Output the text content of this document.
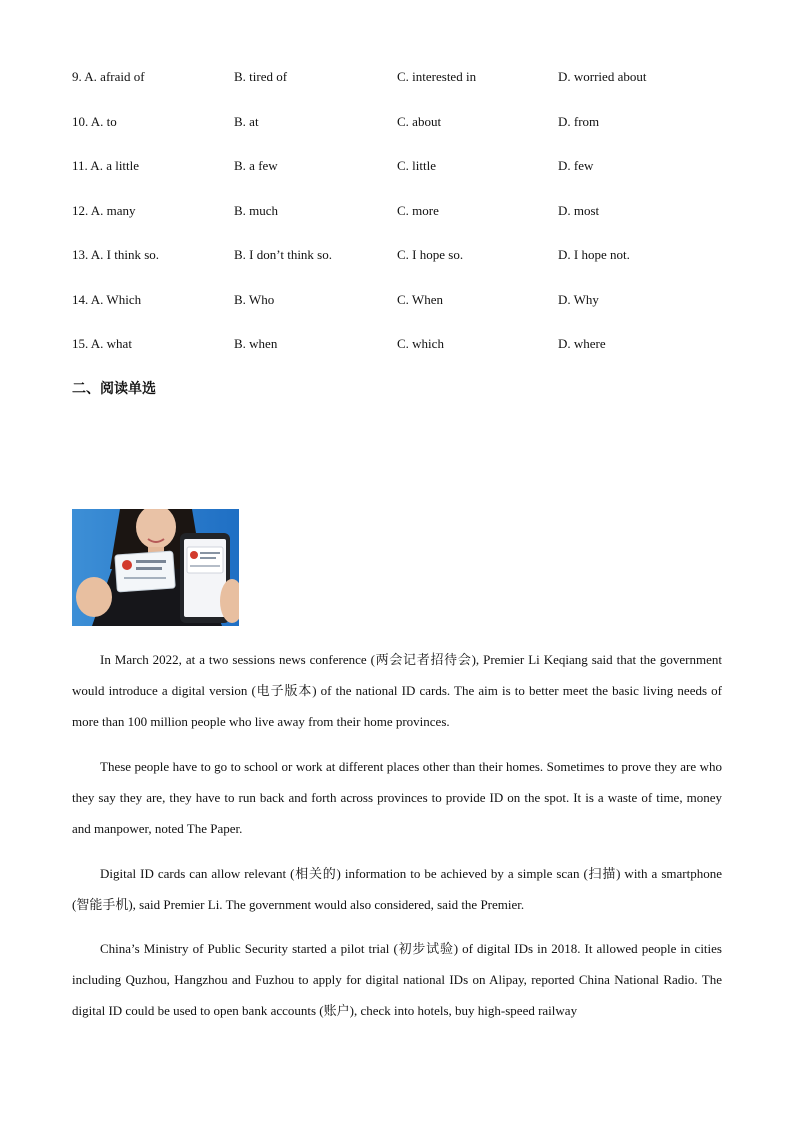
9. A. afraid of	B. tired of	C. interested in	D. worried about
10. A. to	B. at	C. about	D. from
11. A. a little	B. a few	C. little	D. few
12. A. many	B. much	C. more	D. most
13. A. I think so.	B. I don’t think so.	C. I hope so.	D. I hope not.
14. A. Which	B. Who	C. When	D. Why
15. A. what	B. when	C. which	D. where
二、阅读单选

In March 2022, at a two sessions news conference (两会记者招待会), Premier Li Keqiang said that the government would introduce a digital version (电子版本) of the national ID cards. The aim is to better meet the basic living needs of more than 100 million people who live away from their home provinces.

These people have to go to school or work at different places other than their homes. Sometimes to prove they are who they say they are, they have to run back and forth across provinces to provide ID on the spot. It is a waste of time, money and manpower, noted The Paper.

Digital ID cards can allow relevant (相关的) information to be achieved by a simple scan (扫描) with a smartphone (智能手机), said Premier Li. The government would also considered, said the Premier.

China’s Ministry of Public Security started a pilot trial (初步试验) of digital IDs in 2018. It allowed people in cities including Quzhou, Hangzhou and Fuzhou to apply for digital national IDs on Alipay, reported China National Radio. The digital ID could be used to open bank accounts (账户), check into hotels, buy high-speed railway
